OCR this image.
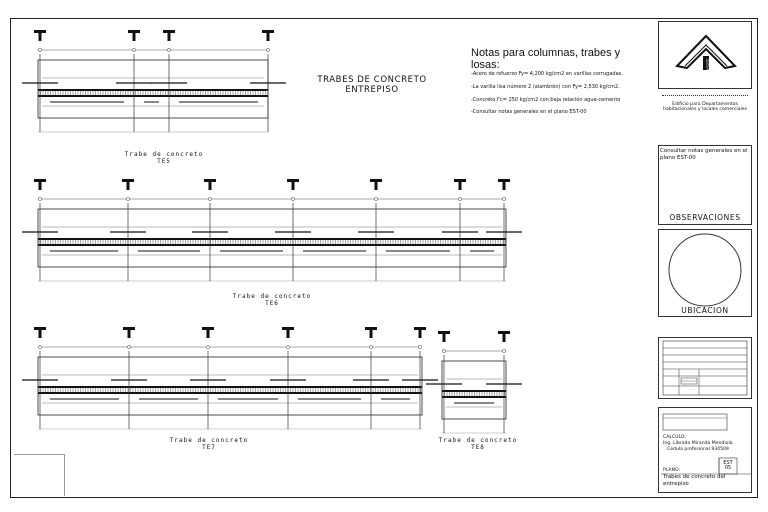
TRABES DE CONCRETO
ENTREPISO
Notas para columnas, trabes y losas:
-Acero de refuerzo Fy= 4,200 kg/cm2 en varillas corrugadas.
-La varilla lisa número 2 (alambrón) con Fy= 2,530 kg/cm2.
-Concreto f'c= 250 kg/cm2 con baja relación agua-cemento
-Consultar notas generales en el plano EST-00
Trabe de concreto
TE5
Trabe de concreto
TE6
Trabe de concreto
TE7
Trabe de concreto
TE8
NORTE
Edificio para Departamentos habitacionales y locales comerciales
Consultar notas generales en el plano EST-00
OBSERVACIONES
UBICACION
CALCULO:
Ing. Librado Miranda Mendiola
Cedula profesional 934509
EST
05
PLANO:
Trabes de concreto del entrepiso
